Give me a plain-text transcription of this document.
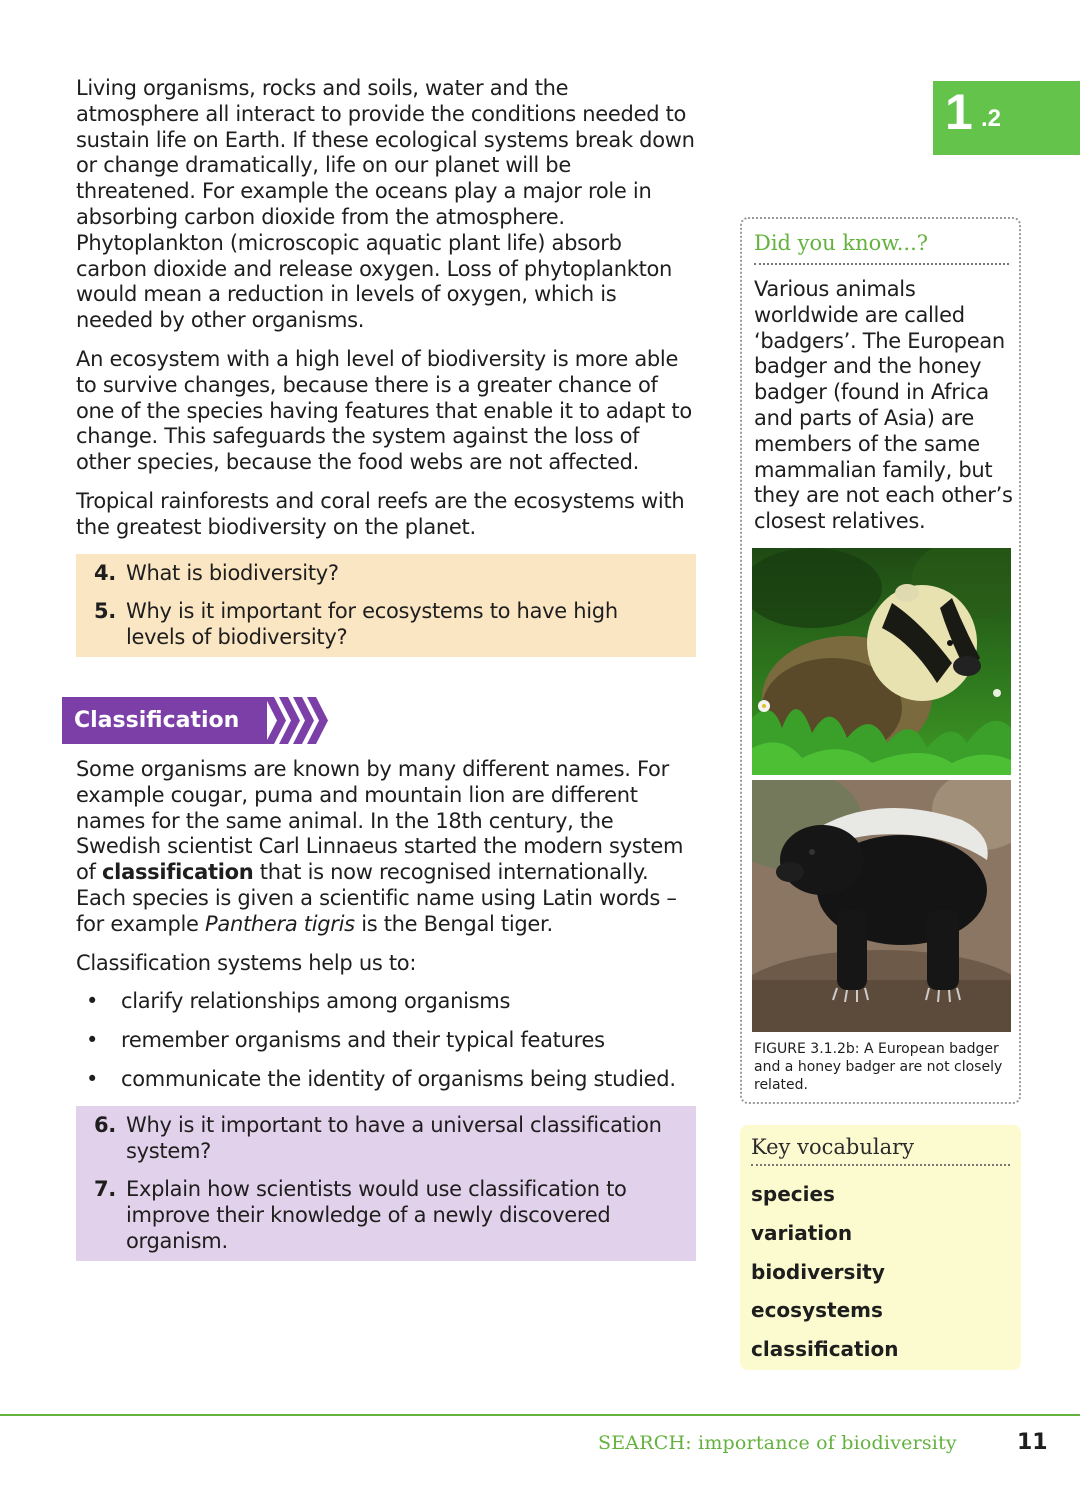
1 .2

Living organisms, rocks and soils, water and the atmosphere all interact to provide the conditions needed to sustain life on Earth. If these ecological systems break down or change dramatically, life on our planet will be threatened. For example the oceans play a major role in absorbing carbon dioxide from the atmosphere. Phytoplankton (microscopic aquatic plant life) absorb carbon dioxide and release oxygen. Loss of phytoplankton would mean a reduction in levels of oxygen, which is needed by other organisms.

An ecosystem with a high level of biodiversity is more able to survive changes, because there is a greater chance of one of the species having features that enable it to adapt to change. This safeguards the system against the loss of other species, because the food webs are not affected.

Tropical rainforests and coral reefs are the ecosystems with the greatest biodiversity on the planet.

4. What is biodiversity?
5. Why is it important for ecosystems to have high levels of biodiversity?
Classification

Some organisms are known by many different names. For example cougar, puma and mountain lion are different names for the same animal. In the 18th century, the Swedish scientist Carl Linnaeus started the modern system of classification that is now recognised internationally. Each species is given a scientific name using Latin words – for example Panthera tigris is the Bengal tiger.

Classification systems help us to:

• clarify relationships among organisms
• remember organisms and their typical features
• communicate the identity of organisms being studied.
6. Why is it important to have a universal classification system?
7. Explain how scientists would use classification to improve their knowledge of a newly discovered organism.
Did you know...?
Various animals worldwide are called ‘badgers’. The European badger and the honey badger (found in Africa and parts of Asia) are members of the same mammalian family, but they are not each other’s closest relatives.
FIGURE 3.1.2b: A European badger and a honey badger are not closely related.
Key vocabulary
species
variation
biodiversity
ecosystems
classification
SEARCH: importance of biodiversity	11
